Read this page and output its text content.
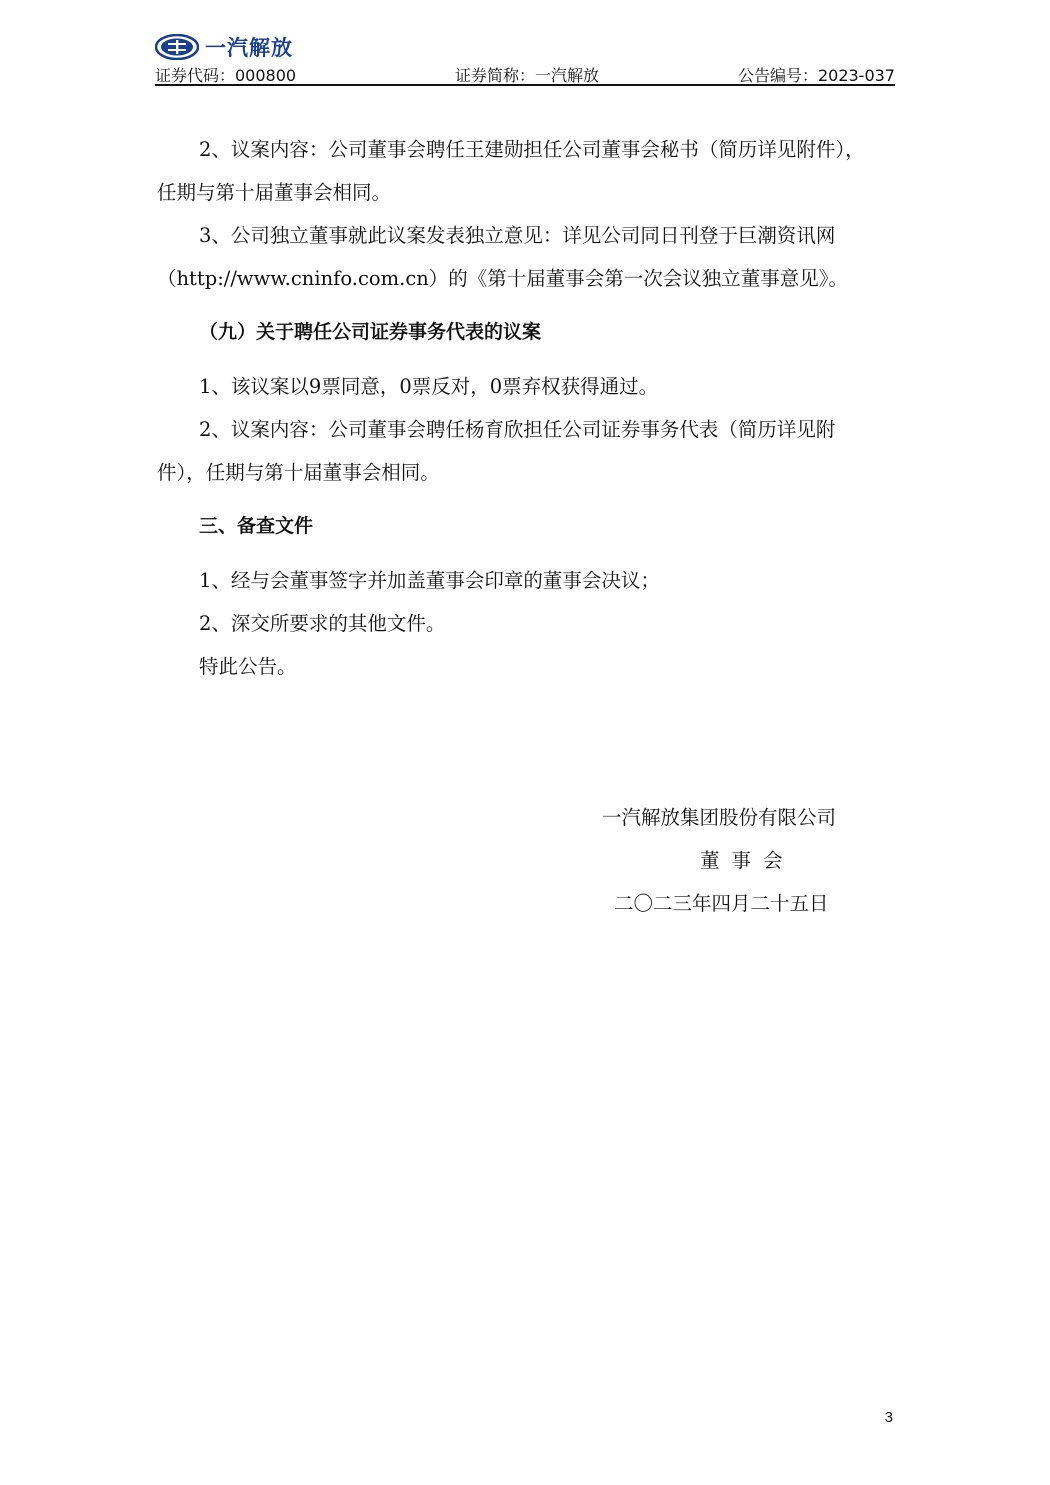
一汽解放
证券代码：000800	证券简称：一汽解放	公告编号：2023-037

2、议案内容：公司董事会聘任王建勋担任公司董事会秘书（简历详见附件），

任期与第十届董事会相同。

3、公司独立董事就此议案发表独立意见：详见公司同日刊登于巨潮资讯网

（http://www.cninfo.com.cn）的《第十届董事会第一次会议独立董事意见》。

（九）关于聘任公司证券事务代表的议案

1、该议案以9票同意，0票反对，0票弃权获得通过。

2、议案内容：公司董事会聘任杨育欣担任公司证券事务代表（简历详见附

件），任期与第十届董事会相同。

三、备查文件

1、经与会董事签字并加盖董事会印章的董事会决议；

2、深交所要求的其他文件。

特此公告。

一汽解放集团股份有限公司
董事会
二〇二三年四月二十五日
3
